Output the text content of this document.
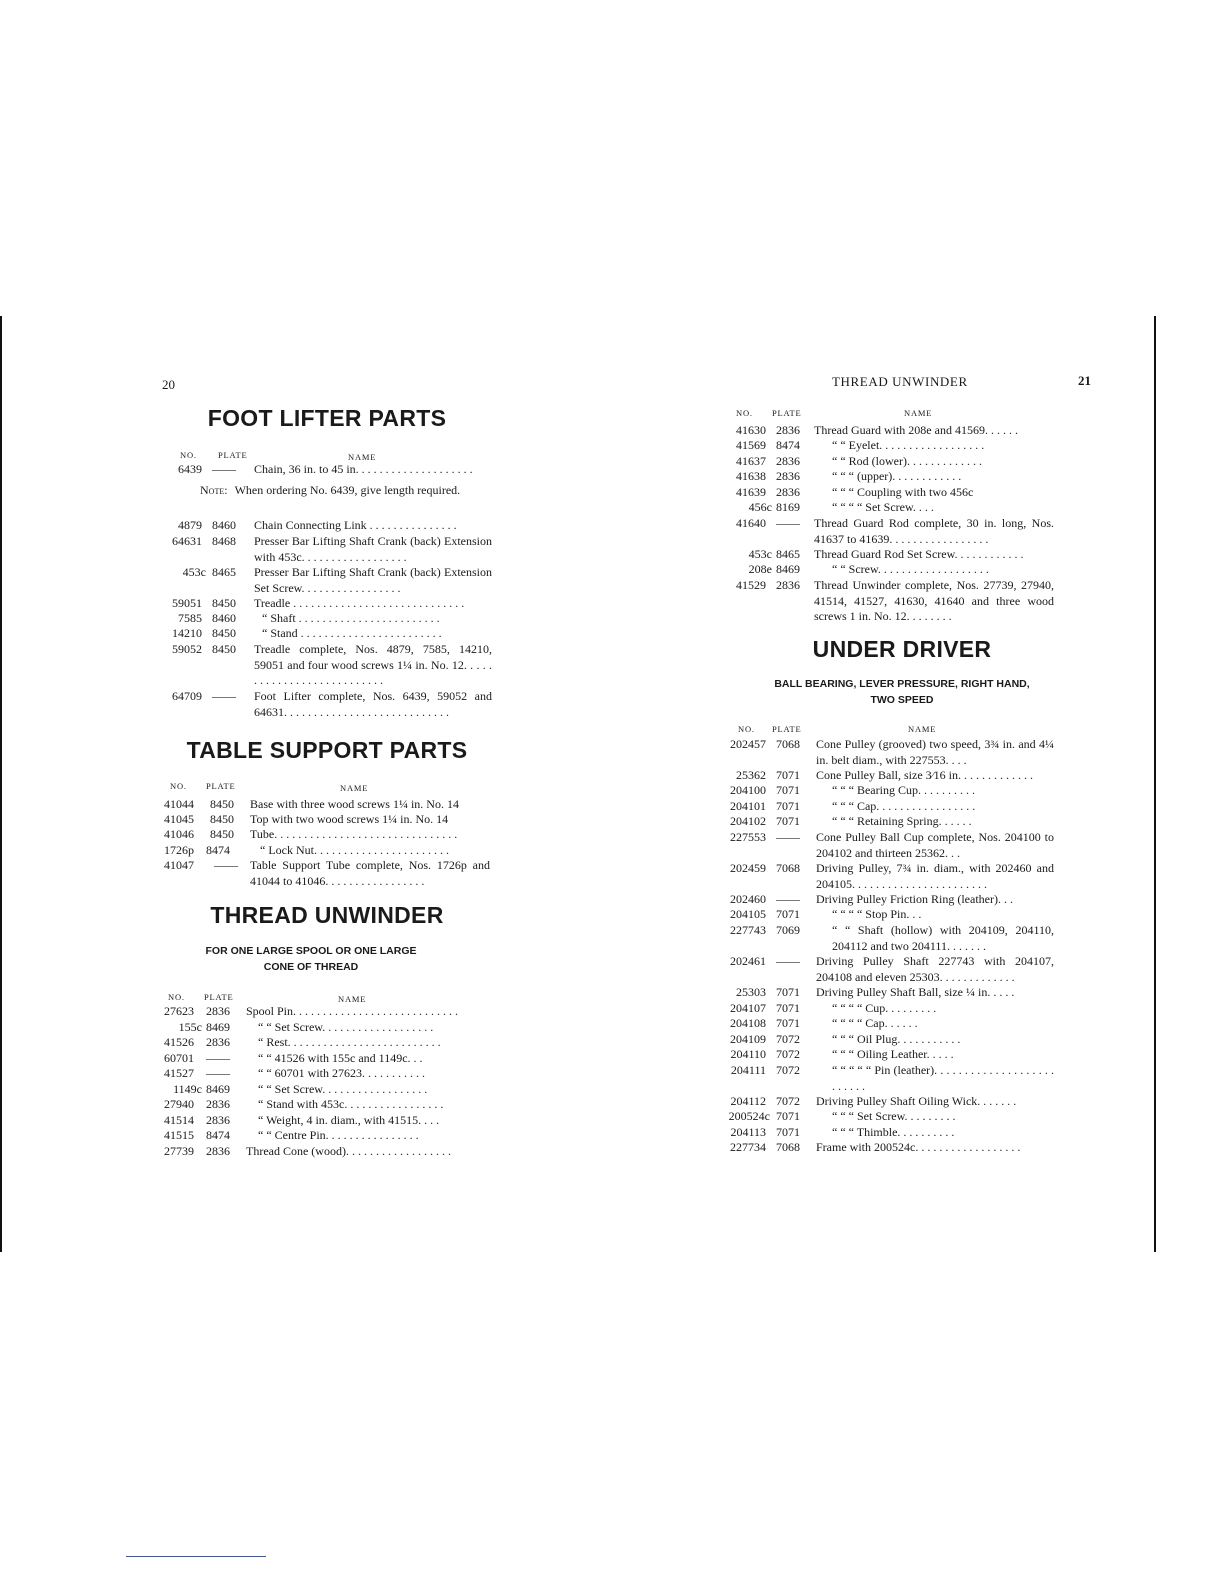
20
FOOT LIFTER PARTS
NO. PLATE	NAME
6439 —— Chain, 36 in. to 45 in. . . . . . . . . . . . . . . . . . . .
Note: When ordering No. 6439, give length required.
4879 8460 Chain Connecting Link . . . . . . . . . . . . . . .
64631 8468 Presser Bar Lifting Shaft Crank (back) Extension with 453c. . . . . . . . . . . . . . . . . .
453c 8465 Presser Bar Lifting Shaft Crank (back) Extension Set Screw. . . . . . . . . . . . . . . . .
59051 8450 Treadle . . . . . . . . . . . . . . . . . . . . . . . . . . . . .
7585 8460 “ Shaft . . . . . . . . . . . . . . . . . . . . . . . .
14210 8450 “ Stand . . . . . . . . . . . . . . . . . . . . . . . .
59052 8450 Treadle complete, Nos. 4879, 7585, 14210, 59051 and four wood screws 1¼ in. No. 12. . . . . . . . . . . . . . . . . . . . . . . . . . .
64709 —— Foot Lifter complete, Nos. 6439, 59052 and 64631. . . . . . . . . . . . . . . . . . . . . . . . . . . .
TABLE SUPPORT PARTS
NO. PLATE	NAME
41044 8450 Base with three wood screws 1¼ in. No. 14
41045 8450 Top with two wood screws 1¼ in. No. 14
41046 8450 Tube. . . . . . . . . . . . . . . . . . . . . . . . . . . . . . .
1726p 8474	“ Lock Nut. . . . . . . . . . . . . . . . . . . . . . .
41047 —— Table Support Tube complete, Nos. 1726p and 41044 to 41046. . . . . . . . . . . . . . . . .
THREAD UNWINDER
FOR ONE LARGE SPOOL OR ONE LARGE
CONE OF THREAD
NO. PLATE	NAME
27623 2836 Spool Pin. . . . . . . . . . . . . . . . . . . . . . . . . . . .
155c 8469 “ “ Set Screw. . . . . . . . . . . . . . . . . . .
41526 2836 “ Rest. . . . . . . . . . . . . . . . . . . . . . . . . .
60701 —— “ “ 41526 with 155c and 1149c. . .
41527 —— “ “ 60701 with 27623. . . . . . . . . . .
1149c 8469 “ “ Set Screw. . . . . . . . . . . . . . . . . .
27940 2836 “ Stand with 453c. . . . . . . . . . . . . . . . .
41514 2836 “ Weight, 4 in. diam., with 41515. . . .
41515 8474 “ “ Centre Pin. . . . . . . . . . . . . . . .
27739 2836 Thread Cone (wood). . . . . . . . . . . . . . . . . .
THREAD UNWINDER	21
NO. PLATE	NAME
41630 2836 Thread Guard with 208e and 41569. . . . . .
41569 8474	“ “ Eyelet. . . . . . . . . . . . . . . . . .
41637 2836	“ “ Rod (lower). . . . . . . . . . . . .
41638 2836	“ “ “ (upper). . . . . . . . . . . .
41639 2836	“ “ “ Coupling with two 456c
456c 8169	“ “ “ “ Set Screw. . . .
41640 —— Thread Guard Rod complete, 30 in. long, Nos. 41637 to 41639. . . . . . . . . . . . . . . . .
453c 8465 Thread Guard Rod Set Screw. . . . . . . . . . . .
208e 8469	“ “ Screw. . . . . . . . . . . . . . . . . . .
41529 2836 Thread Unwinder complete, Nos. 27739, 27940, 41514, 41527, 41630, 41640 and three wood screws 1 in. No. 12. . . . . . . .
UNDER DRIVER
BALL BEARING, LEVER PRESSURE, RIGHT HAND,
TWO SPEED
NO. PLATE	NAME
202457 7068 Cone Pulley (grooved) two speed, 3¾ in. and 4¼ in. belt diam., with 227553. . . .
25362 7071 Cone Pulley Ball, size 3⁄16 in. . . . . . . . . . . . .
204100 7071	“ “ “ Bearing Cup. . . . . . . . . .
204101 7071	“ “ “ Cap. . . . . . . . . . . . . . . . .
204102 7071	“ “ “ Retaining Spring. . . . . .
227553 —— Cone Pulley Ball Cup complete, Nos. 204100 to 204102 and thirteen 25362. . .
202459 7068 Driving Pulley, 7¾ in. diam., with 202460 and 204105. . . . . . . . . . . . . . . . . . . . . . .
202460 —— Driving Pulley Friction Ring (leather). . .
204105 7071	“ “ “ “ Stop Pin. . .
227743 7069	“ “ Shaft (hollow) with 204109, 204110, 204112 and two 204111. . . . . . .
202461 —— Driving Pulley Shaft 227743 with 204107, 204108 and eleven 25303. . . . . . . . . . . . .
25303 7071 Driving Pulley Shaft Ball, size ¼ in. . . . .
204107 7071	“ “ “ “ Cup. . . . . . . . .
204108 7071	“ “ “ “ Cap. . . . . .
204109 7072	“ “ “ Oil Plug. . . . . . . . . . .
204110 7072	“ “ “ Oiling Leather. . . . .
204111 7072	“ “ “ “ “ Pin (leather). . . . . . . . . . . . . . . . . . . . . . . . . .
204112 7072 Driving Pulley Shaft Oiling Wick. . . . . . .
200524c 7071	“ “ “ Set Screw. . . . . . . . .
204113 7071	“ “ “ Thimble. . . . . . . . . .
227734 7068 Frame with 200524c. . . . . . . . . . . . . . . . . .
